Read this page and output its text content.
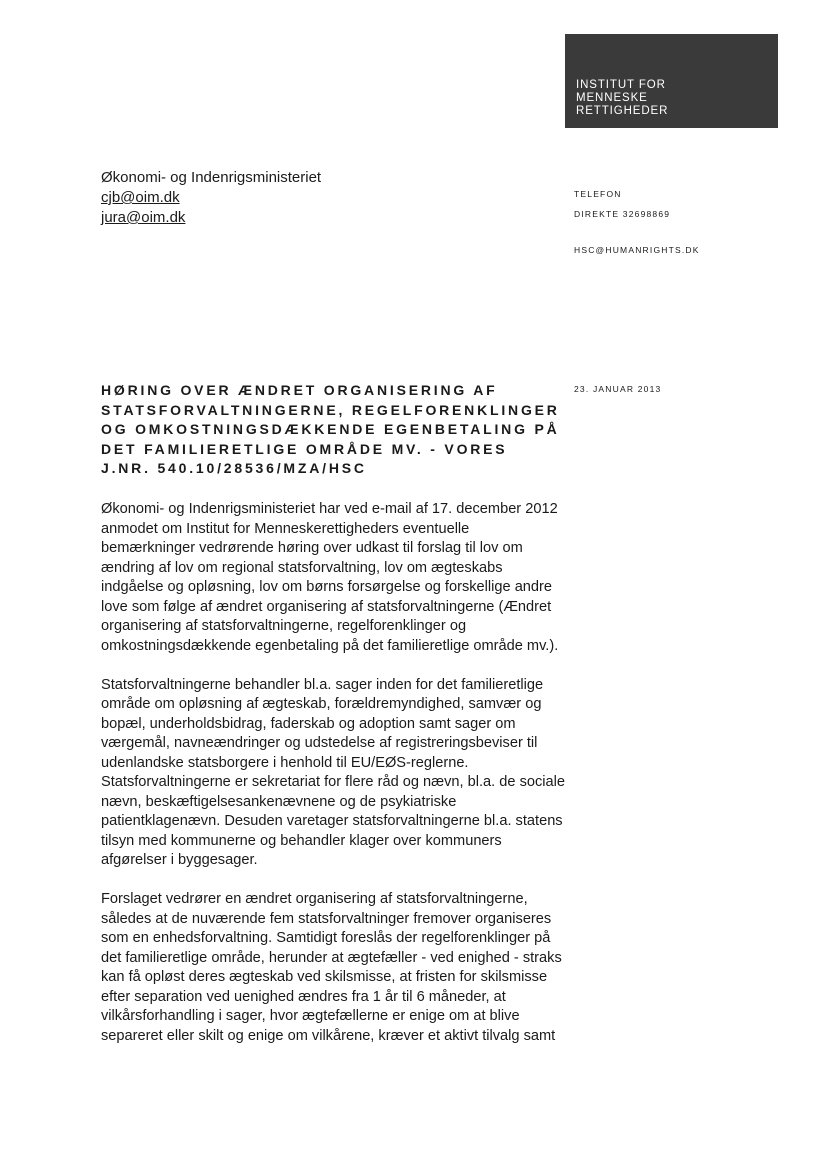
INSTITUT FOR
MENNESKE
RETTIGHEDER
Økonomi- og Indenrigsministeriet
cjb@oim.dk
jura@oim.dk
TELEFON
DIREKTE 32698869
HSC@HUMANRIGHTS.DK
23. JANUAR 2013
HØRING OVER ÆNDRET ORGANISERING AF STATSFORVALTNINGERNE, REGELFORENKLINGER OG OMKOSTNINGSDÆKKENDE EGENBETALING PÅ DET FAMILIERETLIGE OMRÅDE MV. - VORES J.NR. 540.10/28536/MZA/HSC

Økonomi- og Indenrigsministeriet har ved e-mail af 17. december 2012
anmodet om Institut for Menneskerettigheders eventuelle
bemærkninger vedrørende høring over udkast til forslag til lov om
ændring af lov om regional statsforvaltning, lov om ægteskabs
indgåelse og opløsning, lov om børns forsørgelse og forskellige andre
love som følge af ændret organisering af statsforvaltningerne (Ændret
organisering af statsforvaltningerne, regelforenklinger og
omkostningsdækkende egenbetaling på det familieretlige område mv.).

Statsforvaltningerne behandler bl.a. sager inden for det familieretlige
område om opløsning af ægteskab, forældremyndighed, samvær og
bopæl, underholdsbidrag, faderskab og adoption samt sager om
værgemål, navneændringer og udstedelse af registreringsbeviser til
udenlandske statsborgere i henhold til EU/EØS-reglerne.
Statsforvaltningerne er sekretariat for flere råd og nævn, bl.a. de sociale
nævn, beskæftigelsesankenævnene og de psykiatriske
patientklagenævn. Desuden varetager statsforvaltningerne bl.a. statens
tilsyn med kommunerne og behandler klager over kommuners
afgørelser i byggesager.

Forslaget vedrører en ændret organisering af statsforvaltningerne,
således at de nuværende fem statsforvaltninger fremover organiseres
som en enhedsforvaltning. Samtidigt foreslås der regelforenklinger på
det familieretlige område, herunder at ægtefæller - ved enighed - straks
kan få opløst deres ægteskab ved skilsmisse, at fristen for skilsmisse
efter separation ved uenighed ændres fra 1 år til 6 måneder, at
vilkårsforhandling i sager, hvor ægtefællerne er enige om at blive
separeret eller skilt og enige om vilkårene, kræver et aktivt tilvalg samt
